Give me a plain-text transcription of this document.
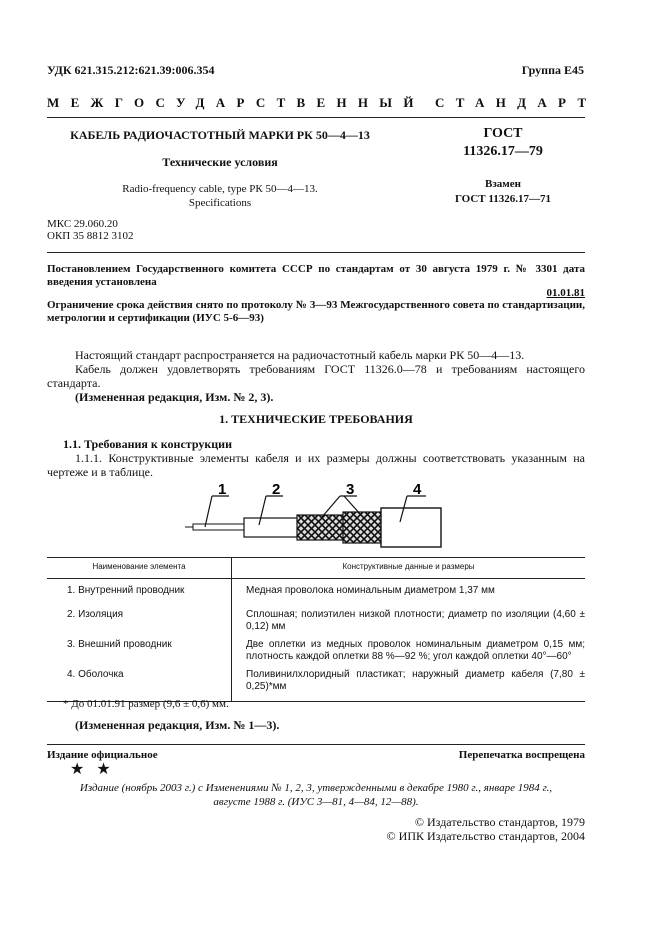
УДК 621.315.212:621.39:006.354	Группа Е45
МЕЖГОСУДАРСТВЕННЫЙ СТАНДАРТ
КАБЕЛЬ РАДИОЧАСТОТНЫЙ МАРКИ РК 50—4—13
Технические условия
Radio-frequency cable, type РК 50—4—13.
Specifications
ГОСТ
11326.17—79
Взамен
ГОСТ 11326.17—71
МКС 29.060.20
ОКП 35 8812 3102
Постановлением Государственного комитета СССР по стандартам от 30 августа 1979 г. № 3301 дата введения установлена
01.01.81
Ограничение срока действия снято по протоколу № 3—93 Межгосударственного совета по стандартизации, метрологии и сертификации (ИУС 5-6—93)
Настоящий стандарт распространяется на радиочастотный кабель марки РК 50—4—13.
Кабель должен удовлетворять требованиям ГОСТ 11326.0—78 и требованиям настоящего стандарта.
(Измененная редакция, Изм. № 2, 3).
1. ТЕХНИЧЕСКИЕ ТРЕБОВАНИЯ
1.1. Требования к конструкции
1.1.1. Конструктивные элементы кабеля и их размеры должны соответствовать указанным на чертеже и в таблице.
1	2	3	4
Наименование элемента	Конструктивные данные и размеры
1. Внутренний проводник	Медная проволока номинальным диаметром 1,37 мм
2. Изоляция	Сплошная; полиэтилен низкой плотности; диаметр по изоляции (4,60 ± 0,12) мм
3. Внешний проводник	Две оплетки из медных проволок номинальным диаметром 0,15 мм; плотность каждой оплетки 88 %—92 %; угол каждой оплетки 40°—60°
4. Оболочка	Поливинилхлоридный пластикат; наружный диаметр кабеля (7,80 ± 0,25)*мм
* До 01.01.91 размер (9,6 ± 0,6) мм.
(Измененная редакция, Изм. № 1—3).
Издание официальное	Перепечатка воспрещена
★ ★
Издание (ноябрь 2003 г.) с Изменениями № 1, 2, 3, утвержденными в декабре 1980 г., январе 1984 г.,
августе 1988 г. (ИУС 3—81, 4—84, 12—88).
© Издательство стандартов, 1979
© ИПК Издательство стандартов, 2004
